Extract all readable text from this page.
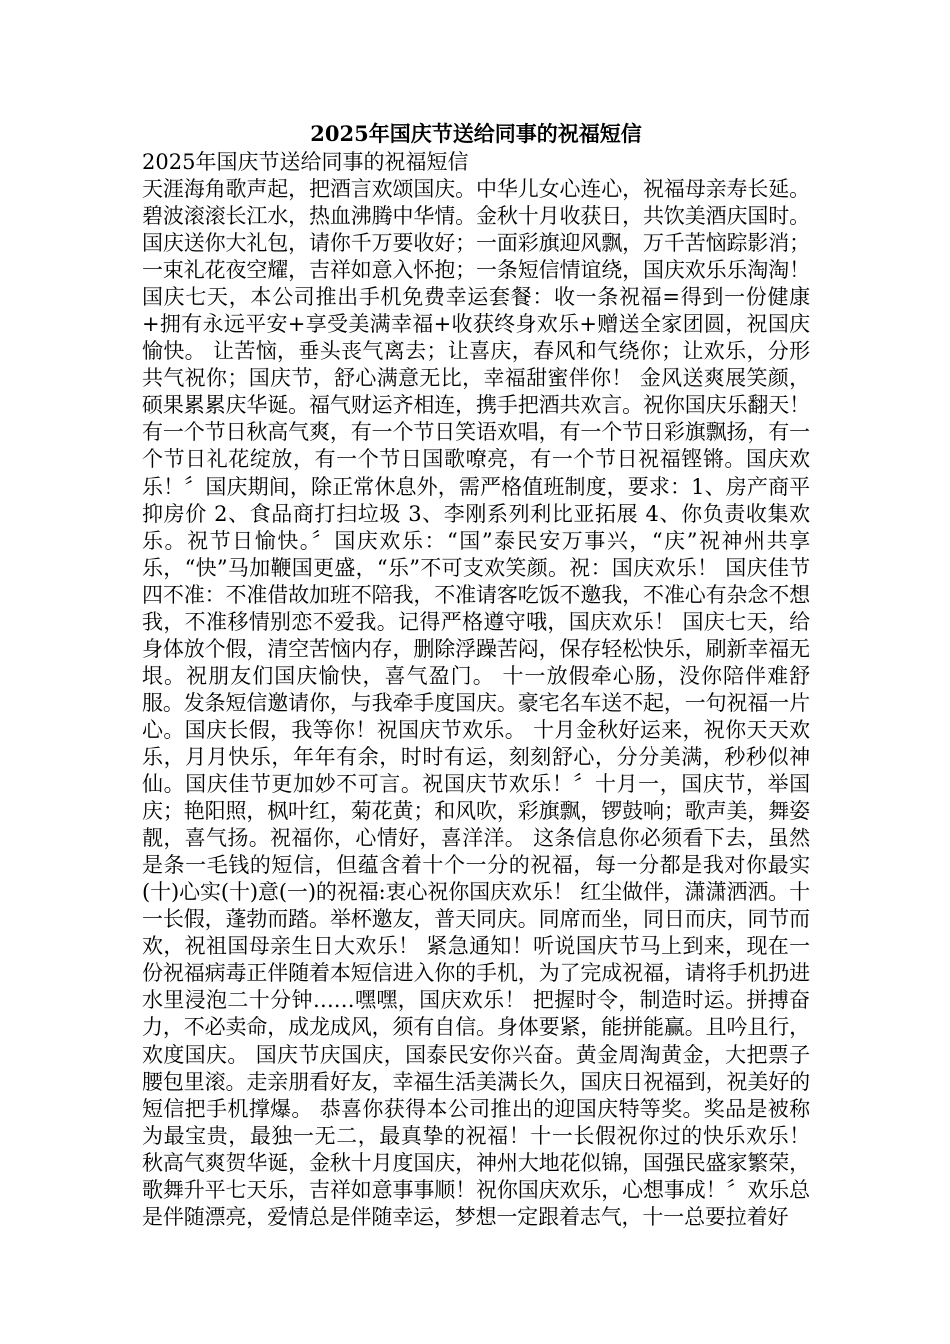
2025年国庆节送给同事的祝福短信
2025年国庆节送给同事的祝福短信

天涯海角歌声起，把酒言欢颂国庆。中华儿女心连心，祝福母亲寿长延。碧波滚滚长江水，热血沸腾中华情。金秋十月收获日，共饮美酒庆国时。 国庆送你大礼包，请你千万要收好；一面彩旗迎风飘，万千苦恼踪影消；一束礼花夜空耀，吉祥如意入怀抱；一条短信情谊绕，国庆欢乐乐淘淘！ 国庆七天，本公司推出手机免费幸运套餐：收一条祝福=得到一份健康+拥有永远平安+享受美满幸福+收获终身欢乐+赠送全家团圆，祝国庆愉快。 让苦恼，垂头丧气离去；让喜庆，春风和气绕你；让欢乐，分形共气祝你；国庆节，舒心满意无比，幸福甜蜜伴你！ 金风送爽展笑颜，硕果累累庆华诞。福气财运齐相连，携手把酒共欢言。祝你国庆乐翻天！有一个节日秋高气爽，有一个节日笑语欢唱，有一个节日彩旗飘扬，有一个节日礼花绽放，有一个节日国歌嘹亮，有一个节日祝福铿锵。国庆欢乐！〞国庆期间，除正常休息外，需严格值班制度，要求：1、房产商平抑房价 2、食品商打扫垃圾 3、李刚系列利比亚拓展 4、你负责收集欢乐。祝节日愉快。〞国庆欢乐：“国”泰民安万事兴，“庆”祝神州共享乐，“快”马加鞭国更盛，“乐”不可支欢笑颜。祝：国庆欢乐！ 国庆佳节四不准：不准借故加班不陪我，不准请客吃饭不邀我，不准心有杂念不想我，不准移情别恋不爱我。记得严格遵守哦，国庆欢乐！ 国庆七天，给身体放个假，清空苦恼内存，删除浮躁苦闷，保存轻松快乐，刷新幸福无垠。祝朋友们国庆愉快，喜气盈门。 十一放假牵心肠，没你陪伴难舒服。发条短信邀请你，与我牵手度国庆。豪宅名车送不起，一句祝福一片心。国庆长假，我等你！祝国庆节欢乐。 十月金秋好运来，祝你天天欢乐，月月快乐，年年有余，时时有运，刻刻舒心，分分美满，秒秒似神仙。国庆佳节更加妙不可言。祝国庆节欢乐！〞十月一，国庆节，举国庆；艳阳照，枫叶红，菊花黄；和风吹，彩旗飘，锣鼓响；歌声美，舞姿靓，喜气扬。祝福你，心情好，喜洋洋。 这条信息你必须看下去，虽然是条一毛钱的短信，但蕴含着十个一分的祝福，每一分都是我对你最实(十)心实(十)意(一)的祝福:衷心祝你国庆欢乐！ 红尘做伴，潇潇洒洒。十一长假，蓬勃而踏。举杯邀友，普天同庆。同席而坐，同日而庆，同节而欢，祝祖国母亲生日大欢乐！ 紧急通知！听说国庆节马上到来，现在一份祝福病毒正伴随着本短信进入你的手机，为了完成祝福，请将手机扔进水里浸泡二十分钟……嘿嘿，国庆欢乐！ 把握时令，制造时运。拼搏奋力，不必卖命，成龙成风，须有自信。身体要紧，能拼能赢。且吟且行，欢度国庆。 国庆节庆国庆，国泰民安你兴奋。黄金周淘黄金，大把票子腰包里滚。走亲朋看好友，幸福生活美满长久，国庆日祝福到，祝美好的短信把手机撑爆。 恭喜你获得本公司推出的迎国庆特等奖。奖品是被称为最宝贵，最独一无二，最真挚的祝福！十一长假祝你过的快乐欢乐！ 秋高气爽贺华诞，金秋十月度国庆，神州大地花似锦，国强民盛家繁荣，歌舞升平七天乐，吉祥如意事事顺！祝你国庆欢乐，心想事成！〞欢乐总是伴随漂亮，爱情总是伴随幸运，梦想一定跟着志气，十一总要拉着好
